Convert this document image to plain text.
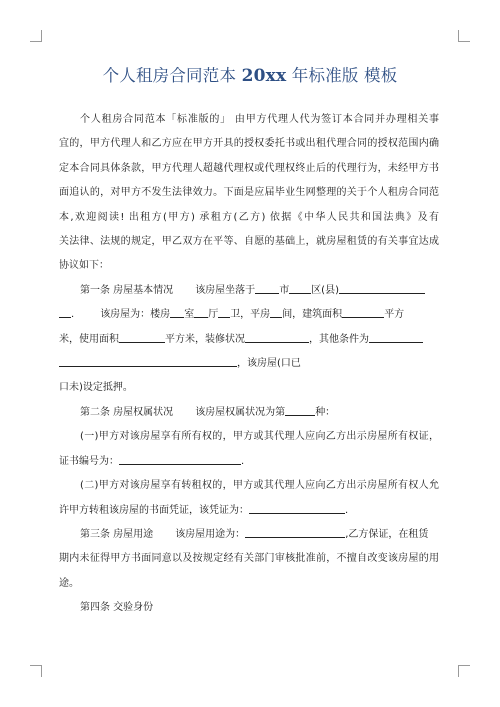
个人租房合同范本 20xx 年标准版 模板
个人租房合同范本「标准版的」 由甲方代理人代为签订本合同并办理相关事
宜的，甲方代理人和乙方应在甲方开具的授权委托书或出租代理合同的授权范围内确
定本合同具体条款，甲方代理人超越代理权或代理权终止后的代理行为，未经甲方书
面追认的，对甲方不发生法律效力。下面是应届毕业生网整理的关于个人租房合同范
本,欢迎阅读! 出租方(甲方) 承租方(乙方) 依据《中华人民共和国法典》及有
关法律、法规的规定，甲乙双方在平等、自愿的基础上，就房屋租赁的有关事宜达成
协议如下：
第一条 房屋基本情况 该房屋坐落于 市 区(县)
.	该房屋为：楼房 室 厅 卫，平房 间，建筑面积	平方
米，使用面积	平方米，装修状况	，其他条件为
，该房屋(口已
口未)设定抵押。
第二条 房屋权属状况 该房屋权属状况为第	种：
(一)甲方对该房屋享有所有权的，甲方或其代理人应向乙方出示房屋所有权证，
证书编号为：	.
(二)甲方对该房屋享有转租权的，甲方或其代理人应向乙方出示房屋所有权人允
许甲方转租该房屋的书面凭证，该凭证为：	.
第三条 房屋用途 该房屋用途为：	,乙方保证，在租赁
期内未征得甲方书面同意以及按规定经有关部门审核批准前，不擅自改变该房屋的用
途。
第四条 交验身份
